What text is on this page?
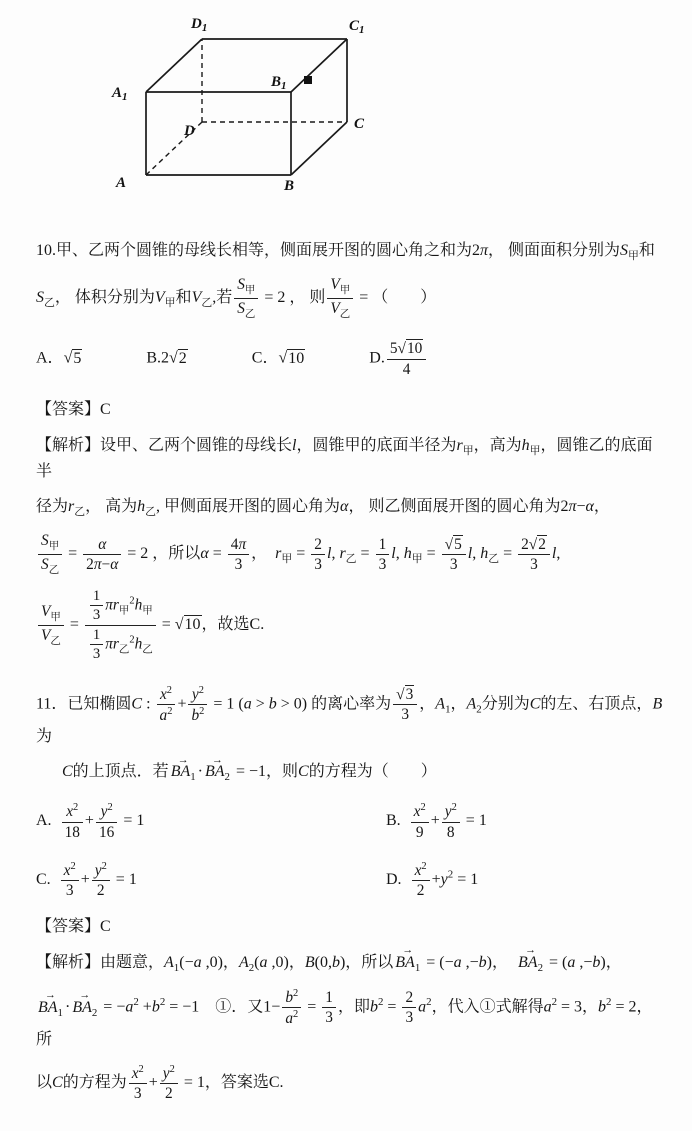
A	B
C
D
$A_1$
$B_1$
$C_1$
$D_1$
10.甲、乙两个圆锥的母线长相等，侧面展开图的圆心角之和为2π， 侧面面积分别为$S_甲$和
$S_乙$， 体积分别为$V_甲$和$V_乙$,若
$S_甲$
$S_乙$
= 2 ， 则
$V_甲$
$V_乙$
= （  ）
A．√5    B.2√2    C．√10    D. $\frac{5√10}{4}$
【答案】C
【解析】设甲、乙两个圆锥的母线长l，圆锥甲的底面半径为$r_甲$，高为$h_甲$，圆锥乙的底面半
径为$r_乙$， 高为$h_乙$, 甲侧面展开图的圆心角为α， 则乙侧面展开图的圆心角为2π−α，
$S_甲$
$S_乙$
= $\frac{\alpha}{2\pi-\alpha} = 2$ ，所以$\alpha = \frac{4\pi}{3}$ ， $r_甲 = \frac{2}{3} l$, $r_乙 = \frac{1}{3} l$, $h_甲 = \frac{√5}{3} l$, $h_乙 = \frac{2√2}{3} l$,
$V_甲$
$V_乙$
=
$\frac{1}{3} \pi r_甲^2h_甲$
$\frac{1}{3} \pi r_乙^2h_乙$
= √10，故选C.
11．已知椭圆C : $\frac{x^2}{a^2} + \frac{y^2}{b^2} = 1$ (a > b > 0) 的离心率为 $\frac{√3}{3}$ ，$A_1$，$A_2$分别为C的左、右顶点，B为
C的上顶点．若 $BA_1$ → · $BA_2$ → = −1，则C的方程为（  ）
A.  $\frac{x^2}{18} + \frac{y^2}{16} = 1$	B.  $\frac{x^2}{9} + \frac{y^2}{8} = 1$
C.  $\frac{x^2}{3} + \frac{y^2}{2} = 1$	D.  $\frac{x^2}{2} +y^2 = 1$
【答案】C
【解析】由题意，$A_1(-a$ ,0)，$A_2(a$ ,0)，B(0,b)，所以 $BA_1$ → = (−a ,−b)， $BA_2$ → = (a ,−b)，
$BA_1$ → · $BA_2$ → = $-a^2 +b^2 = -1$　①．又$1- \frac{b^2}{a^2} = \frac{1}{3}$ ，即$b^2 = \frac{2}{3} a^2$，代入①式解得$a^2 = 3$，$b^2 = 2$，所
以C的方程为 $\frac{x^2}{3} + \frac{y^2}{2} = 1$，答案选C.
